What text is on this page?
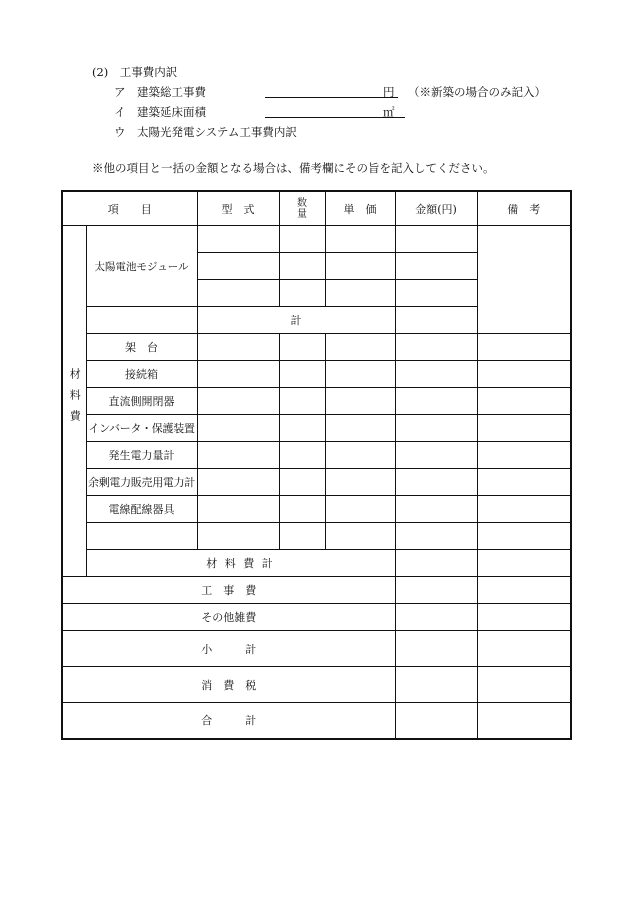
(2)　工事費内訳
ア　建築総工事費	円 （※新築の場合のみ記入）
イ　建築延床面積	㎡
ウ　太陽光発電システム工事費内訳
※他の項目と一括の金額となる場合は、備考欄にその旨を記入してください。
項　　目		型　式	数量	単　価	金額(円)	備　考
材料費	太陽電池モジュール					

		計				
	架　台					
	接続箱					
	直流側開閉器					
	インバータ・保護装置					
	発生電力量計					
	余剰電力販売用電力計					
	電線配線器具					

	材 料 費 計					
工　事　費						
その他雑費						
小　　　計						
消　費　税						
合　　　計						
